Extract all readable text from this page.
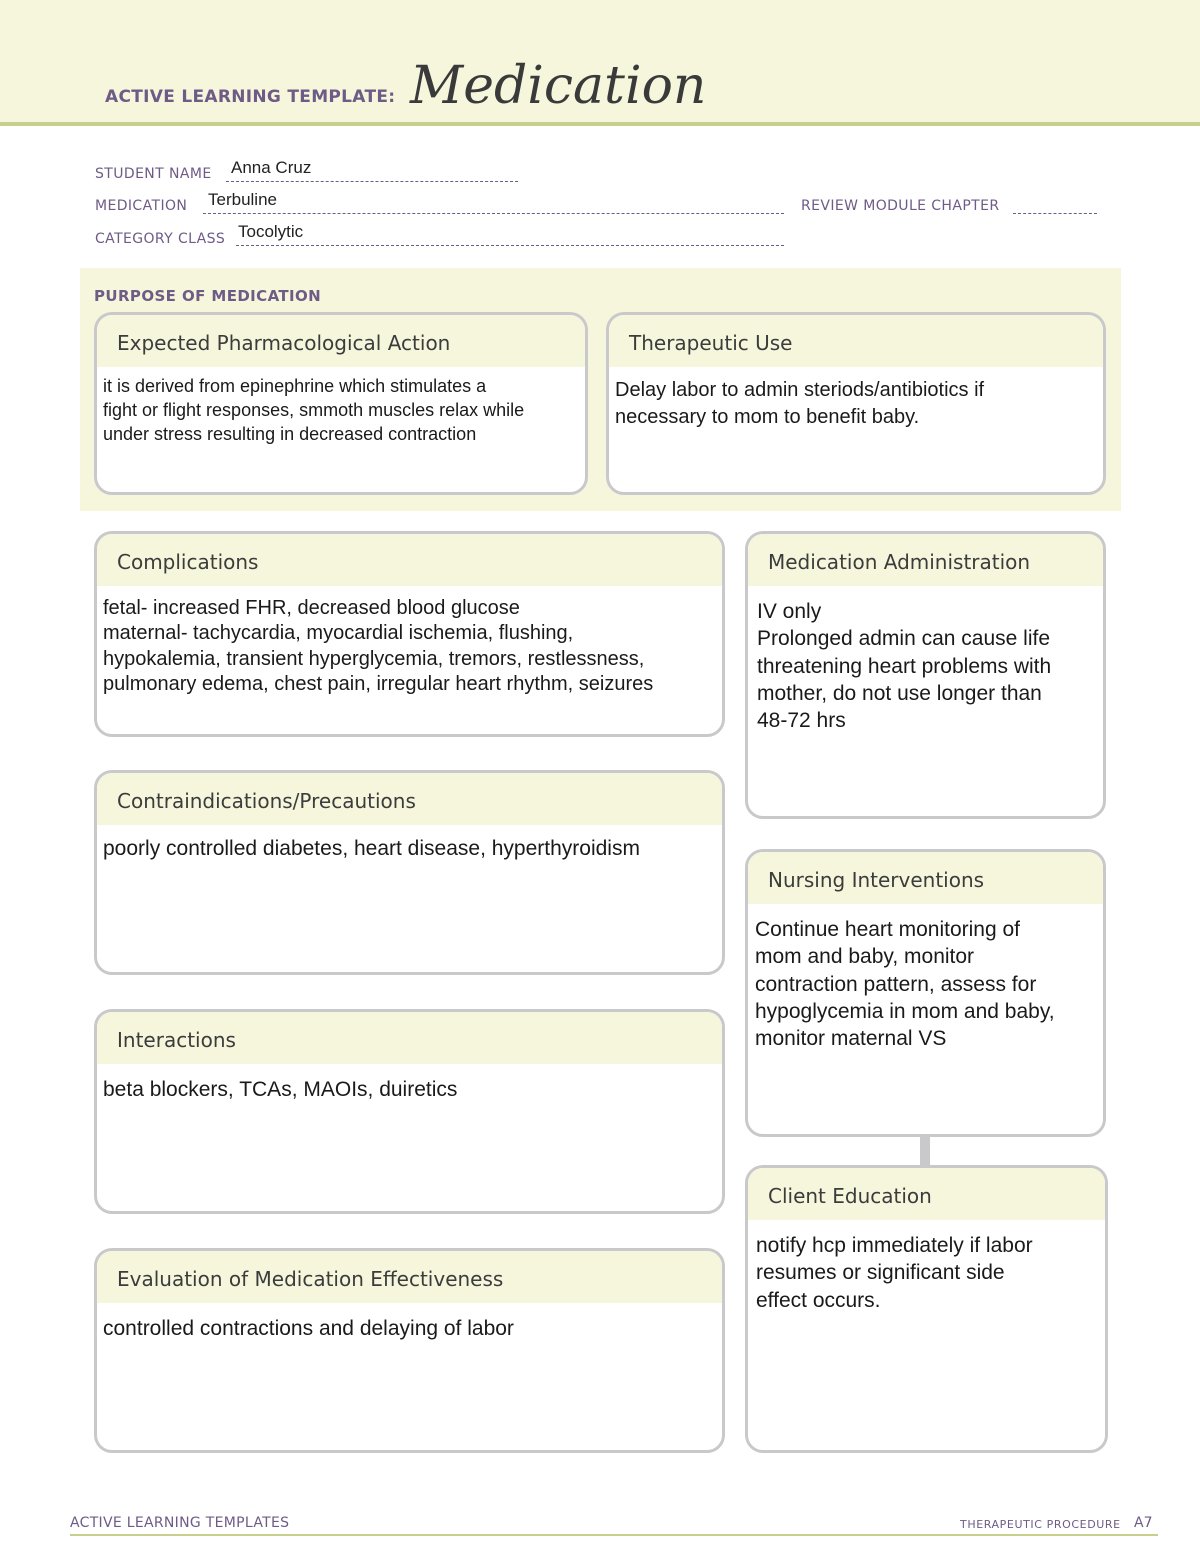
ACTIVE LEARNING TEMPLATE: Medication
STUDENT NAME Anna Cruz
MEDICATION Terbuline	REVIEW MODULE CHAPTER
CATEGORY CLASS Tocolytic
PURPOSE OF MEDICATION
Expected Pharmacological Action
it is derived from epinephrine which stimulates a
fight or flight responses, smmoth muscles relax while
under stress resulting in decreased contraction
Therapeutic Use
Delay labor to admin steriods/antibiotics if
necessary to mom to benefit baby.
Complications
fetal- increased FHR, decreased blood glucose
maternal- tachycardia, myocardial ischemia, flushing,
hypokalemia, transient hyperglycemia, tremors, restlessness,
pulmonary edema, chest pain, irregular heart rhythm, seizures
Contraindications/Precautions
poorly controlled diabetes, heart disease, hyperthyroidism
Interactions
beta blockers, TCAs, MAOIs, duiretics
Evaluation of Medication Effectiveness
controlled contractions and delaying of labor
Medication Administration
IV only
Prolonged admin can cause life
threatening heart problems with
mother, do not use longer than
48-72 hrs
Nursing Interventions
Continue heart monitoring of
mom and baby, monitor
contraction pattern, assess for
hypoglycemia in mom and baby,
monitor maternal VS
Client Education
notify hcp immediately if labor
resumes or significant side
effect occurs.
ACTIVE LEARNING TEMPLATES	THERAPEUTIC PROCEDURE A7
